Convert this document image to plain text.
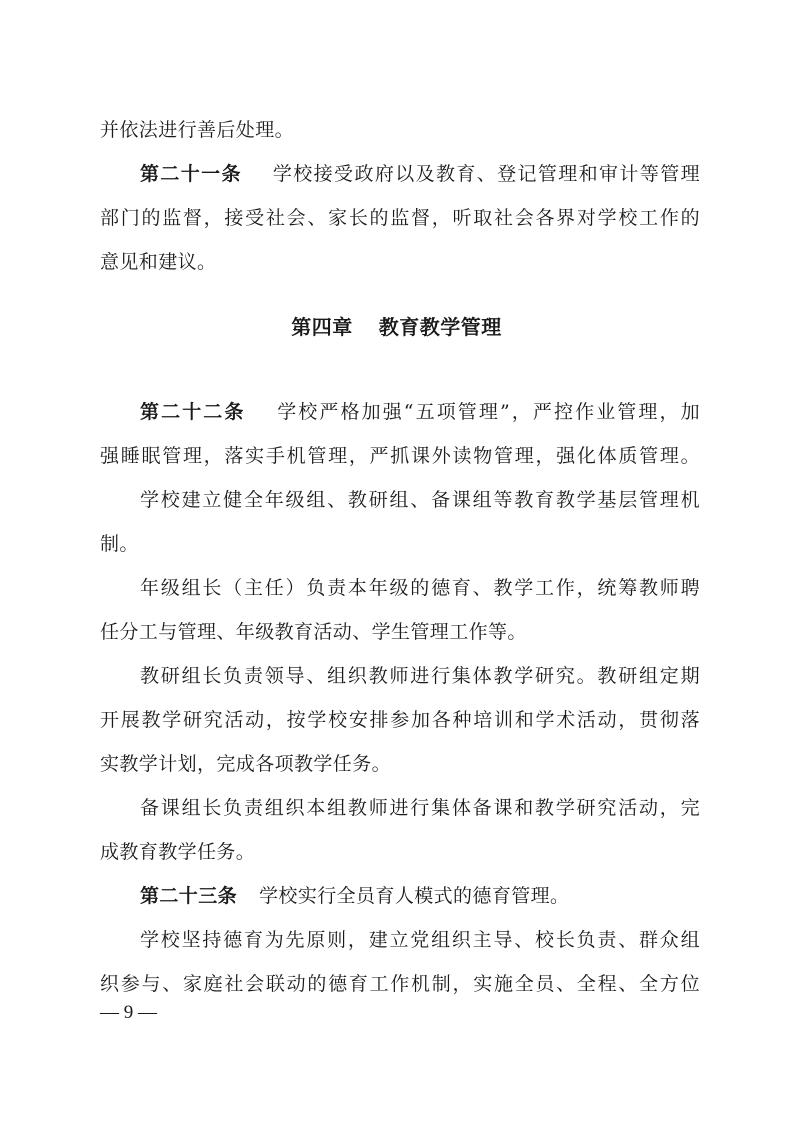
并依法进行善后处理。
第二十一条 学校接受政府以及教育、登记管理和审计等管理
部门的监督，接受社会、家长的监督，听取社会各界对学校工作的
意见和建议。
第四章 教育教学管理
第二十二条 学校严格加强“五项管理”，严控作业管理，加
强睡眠管理，落实手机管理，严抓课外读物管理，强化体质管理。
学校建立健全年级组、教研组、备课组等教育教学基层管理机
制。
年级组长（主任）负责本年级的德育、教学工作，统筹教师聘
任分工与管理、年级教育活动、学生管理工作等。
教研组长负责领导、组织教师进行集体教学研究。教研组定期
开展教学研究活动，按学校安排参加各种培训和学术活动，贯彻落
实教学计划，完成各项教学任务。
备课组长负责组织本组教师进行集体备课和教学研究活动，完
成教育教学任务。
第二十三条 学校实行全员育人模式的德育管理。
学校坚持德育为先原则，建立党组织主导、校长负责、群众组
织参与、家庭社会联动的德育工作机制，实施全员、全程、全方位
— 9 —
